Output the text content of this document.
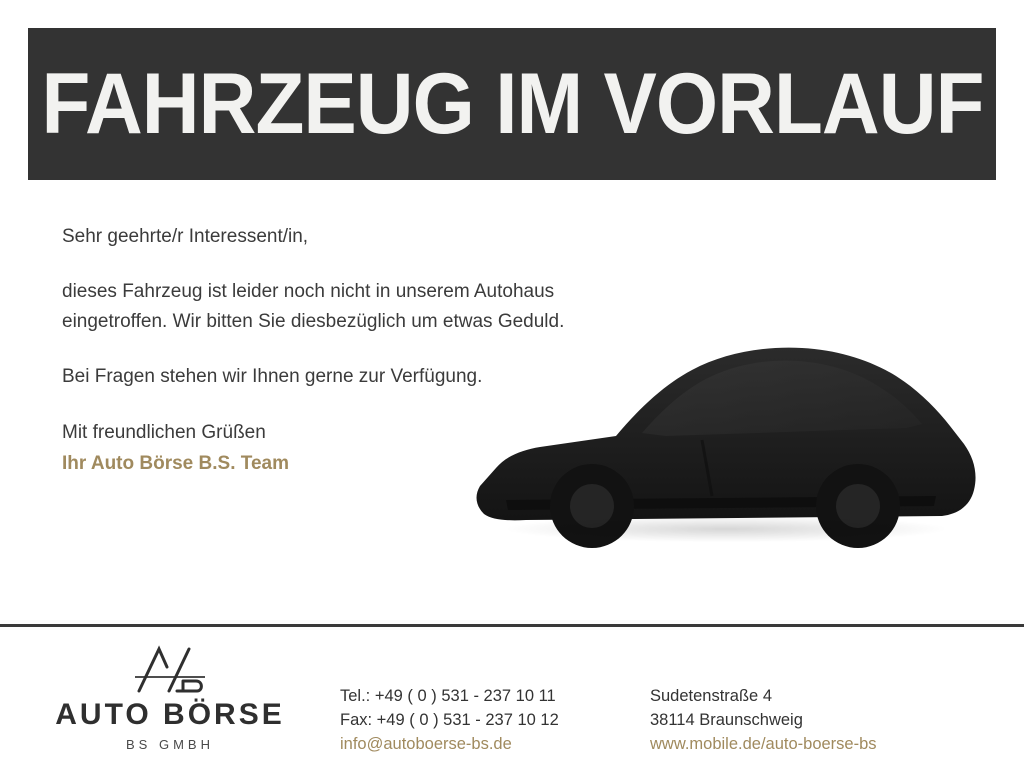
FAHRZEUG IM VORLAUF

Sehr geehrte/r Interessent/in,

dieses Fahrzeug ist leider noch nicht in unserem Autohaus
eingetroffen. Wir bitten Sie diesbezüglich um etwas Geduld.

Bei Fragen stehen wir Ihnen gerne zur Verfügung.

Mit freundlichen Grüßen

Ihr Auto Börse B.S. Team
AUTO BÖRSE
BS GMBH
Tel.: +49 ( 0 ) 531 - 237 10 11
Fax: +49 ( 0 ) 531 - 237 10 12
info@autoboerse-bs.de
Sudetenstraße 4
38114 Braunschweig
www.mobile.de/auto-boerse-bs
